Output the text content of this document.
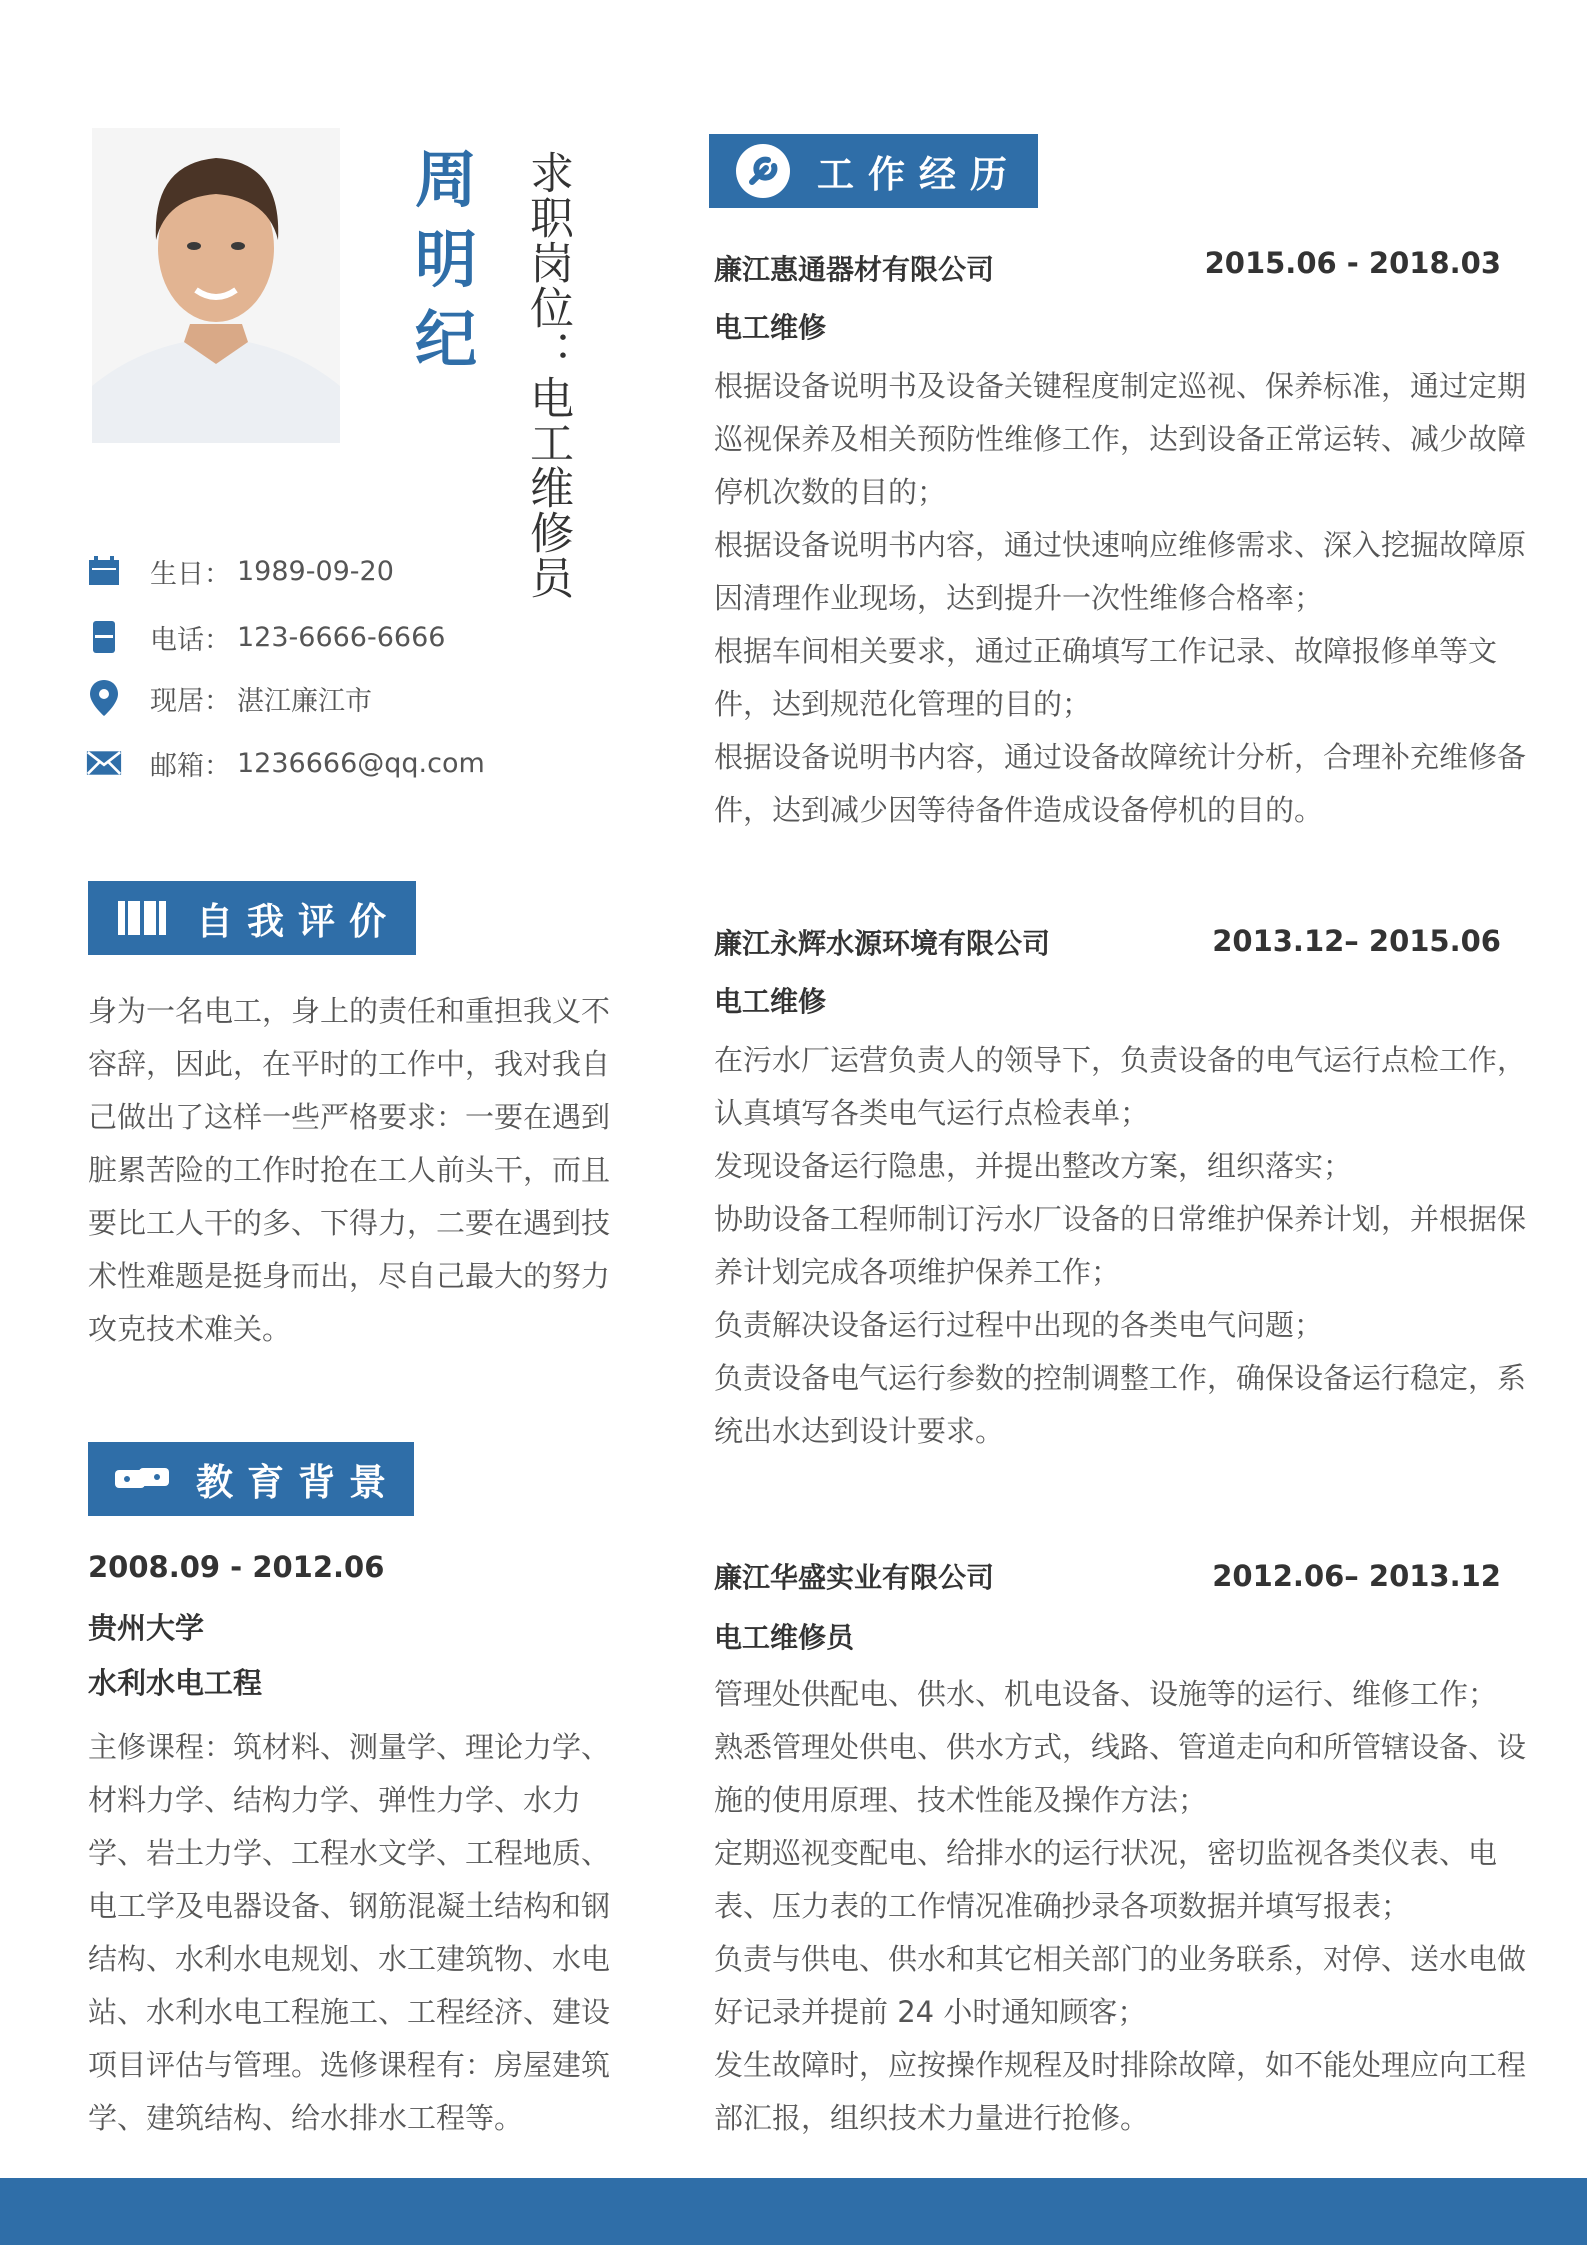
周明纪 求职岗位：电工维修员
生日： 1989-09-20
电话： 123-6666-6666
现居： 湛江廉江市
邮箱： 1236666@qq.com
自我评价
身为一名电工，身上的责任和重担我义不容辞，因此，在平时的工作中，我对我自己做出了这样一些严格要求：一要在遇到脏累苦险的工作时抢在工人前头干，而且要比工人干的多、下得力，二要在遇到技术性难题是挺身而出，尽自己最大的努力攻克技术难关。
教育背景
2008.09 - 2012.06
贵州大学
水利水电工程
主修课程：筑材料、测量学、理论力学、材料力学、结构力学、弹性力学、水力学、岩土力学、工程水文学、工程地质、电工学及电器设备、钢筋混凝土结构和钢结构、水利水电规划、水工建筑物、水电站、水利水电工程施工、工程经济、建设项目评估与管理。选修课程有：房屋建筑学、建筑结构、给水排水工程等。
工作经历
廉江惠通器材有限公司	2015.06 - 2018.03
电工维修
根据设备说明书及设备关键程度制定巡视、保养标准，通过定期巡视保养及相关预防性维修工作，达到设备正常运转、减少故障停机次数的目的；
根据设备说明书内容，通过快速响应维修需求、深入挖掘故障原因清理作业现场，达到提升一次性维修合格率；
根据车间相关要求，通过正确填写工作记录、故障报修单等文件，达到规范化管理的目的；
根据设备说明书内容，通过设备故障统计分析，合理补充维修备件，达到减少因等待备件造成设备停机的目的。
廉江永辉水源环境有限公司	2013.12– 2015.06
电工维修
在污水厂运营负责人的领导下，负责设备的电气运行点检工作，认真填写各类电气运行点检表单；
发现设备运行隐患，并提出整改方案，组织落实；
协助设备工程师制订污水厂设备的日常维护保养计划，并根据保养计划完成各项维护保养工作；
负责解决设备运行过程中出现的各类电气问题；
负责设备电气运行参数的控制调整工作，确保设备运行稳定，系统出水达到设计要求。
廉江华盛实业有限公司	2012.06– 2013.12
电工维修员
管理处供配电、供水、机电设备、设施等的运行、维修工作；
熟悉管理处供电、供水方式，线路、管道走向和所管辖设备、设施的使用原理、技术性能及操作方法；
定期巡视变配电、给排水的运行状况，密切监视各类仪表、电表、压力表的工作情况准确抄录各项数据并填写报表；
负责与供电、供水和其它相关部门的业务联系，对停、送水电做好记录并提前 24 小时通知顾客；
发生故障时，应按操作规程及时排除故障，如不能处理应向工程部汇报，组织技术力量进行抢修。
